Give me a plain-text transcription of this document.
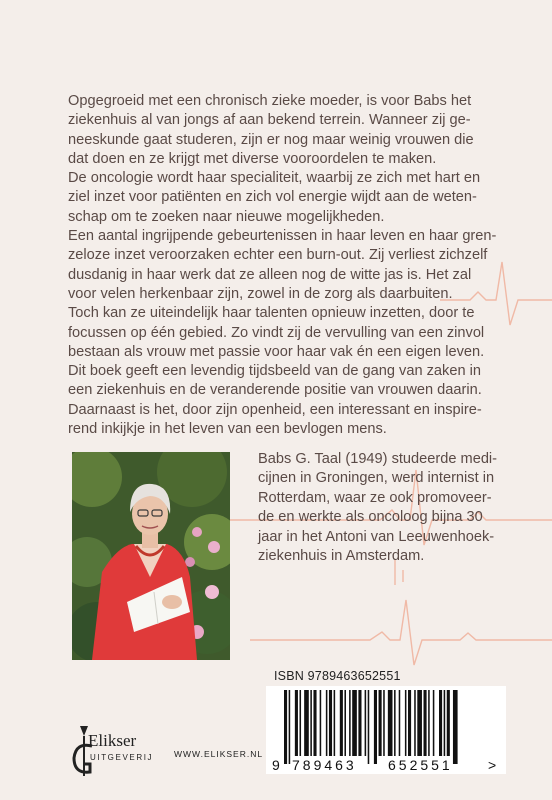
Opgegroeid met een chronisch zieke moeder, is voor Babs het

ziekenhuis al van jongs af aan bekend terrein. Wanneer zij ge-

neeskunde gaat studeren, zijn er nog maar weinig vrouwen die

dat doen en ze krijgt met diverse vooroordelen te maken.

De oncologie wordt haar specialiteit, waarbij ze zich met hart en

ziel inzet voor patiënten en zich vol energie wijdt aan de weten-

schap om te zoeken naar nieuwe mogelijkheden.

Een aantal ingrijpende gebeurtenissen in haar leven en haar gren-

zeloze inzet veroorzaken echter een burn-out. Zij verliest zichzelf

dusdanig in haar werk dat ze alleen nog de witte jas is. Het zal

voor velen herkenbaar zijn, zowel in de zorg als daarbuiten.

Toch kan ze uiteindelijk haar talenten opnieuw inzetten, door te

focussen op één gebied. Zo vindt zij de vervulling van een zinvol

bestaan als vrouw met passie voor haar vak én een eigen leven.

Dit boek geeft een levendig tijdsbeeld van de gang van zaken in

een ziekenhuis en de veranderende positie van vrouwen daarin.

Daarnaast is het, door zijn openheid, een interessant en inspire-

rend inkijkje in het leven van een bevlogen mens.

Babs G. Taal (1949) studeerde medi-
cijnen in Groningen, werd internist in
Rotterdam, waar ze ook promoveer-
de en werkte als oncoloog bijna 30
jaar in het Antoni van Leeuwenhoek-
ziekenhuis in Amsterdam.
ISBN 9789463652551
9 789463 652551	>
Elikser
UITGEVERIJ WWW.ELIKSER.NL
